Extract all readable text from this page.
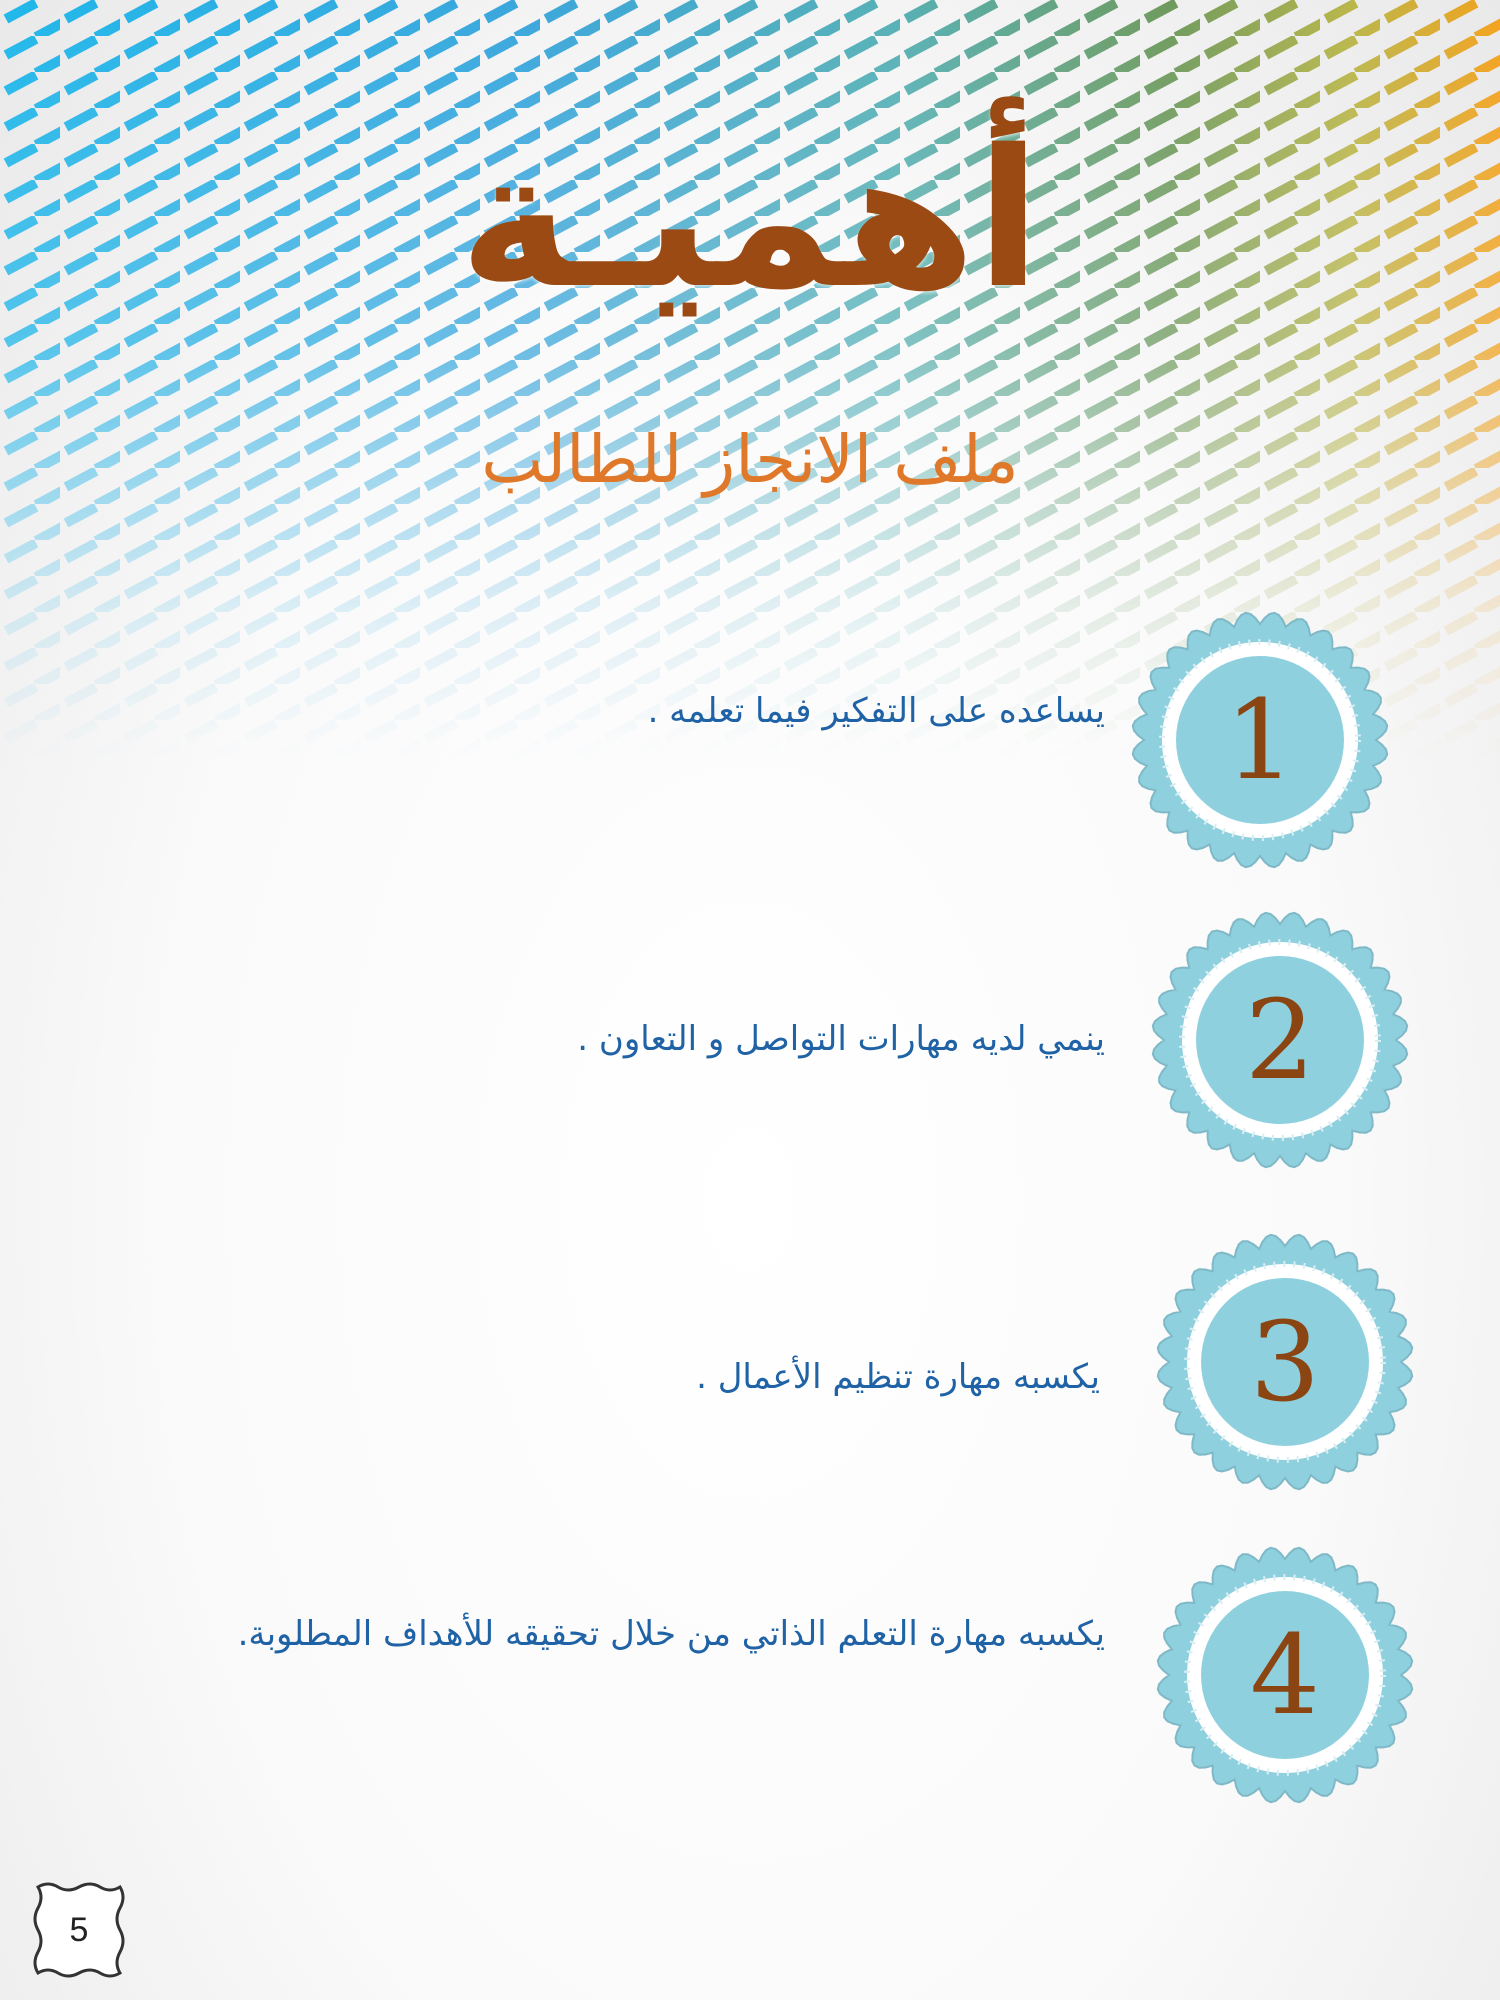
أهميـة
ملف الانجاز للطالب
1
يساعده على التفكير فيما تعلمه .
2
ينمي لديه مهارات التواصل و التعاون .
3
يكسبه مهارة تنظيم الأعمال .
4
يكسبه مهارة التعلم الذاتي من خلال تحقيقه للأهداف المطلوبة.
5
